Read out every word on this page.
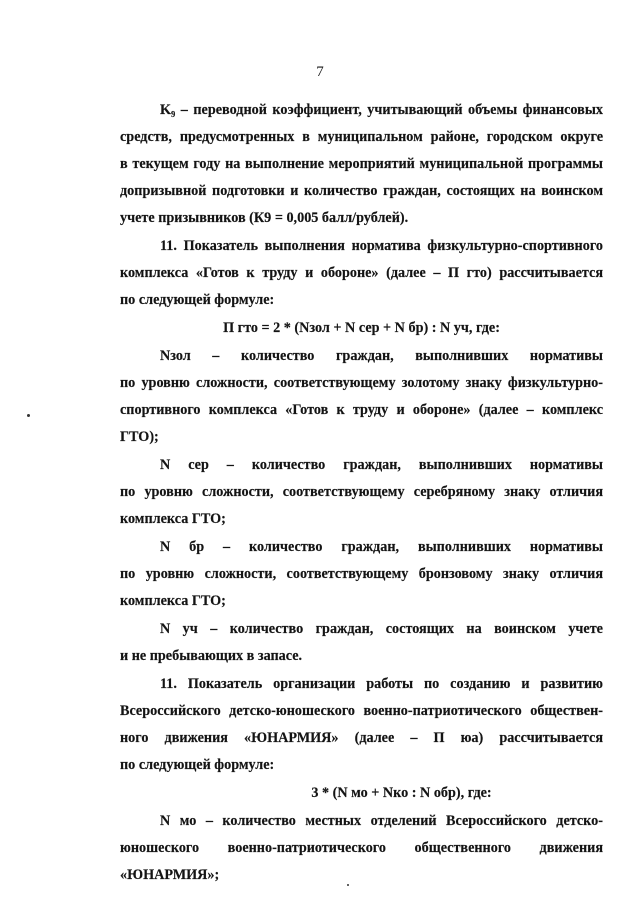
7
K₉ – переводной коэффициент, учитывающий объемы финансовых
средств, предусмотренных в муниципальном районе, городском округе
в текущем году на выполнение мероприятий муниципальной программы
допризывной подготовки и количество граждан, состоящих на воинском
учете призывников (К9 = 0,005 балл/рублей).
11. Показатель выполнения норматива физкультурно-спортивного
комплекса «Готов к труду и обороне» (далее – П гто) рассчитывается
по следующей формуле:
П гто = 2 * (Nзол + N сер + N бр) : N уч, где:
Nзол – количество граждан, выполнивших нормативы
по уровню сложности, соответствующему золотому знаку физкультурно-
спортивного комплекса «Готов к труду и обороне» (далее – комплекс
ГТО);
N сер – количество граждан, выполнивших нормативы
по уровню сложности, соответствующему серебряному знаку отличия
комплекса ГТО;
N бр – количество граждан, выполнивших нормативы
по уровню сложности, соответствующему бронзовому знаку отличия
комплекса ГТО;
N уч – количество граждан, состоящих на воинском учете
и не пребывающих в запасе.
11. Показатель организации работы по созданию и развитию
Всероссийского детско-юношеского военно-патриотического обществен-
ного движения «ЮНАРМИЯ» (далее – П юа) рассчитывается
по следующей формуле:
3 * (N мо + Nко : N обр), где:
N мо – количество местных отделений Всероссийского детско-
юношеского военно-патриотического общественного движения
«ЮНАРМИЯ»;
